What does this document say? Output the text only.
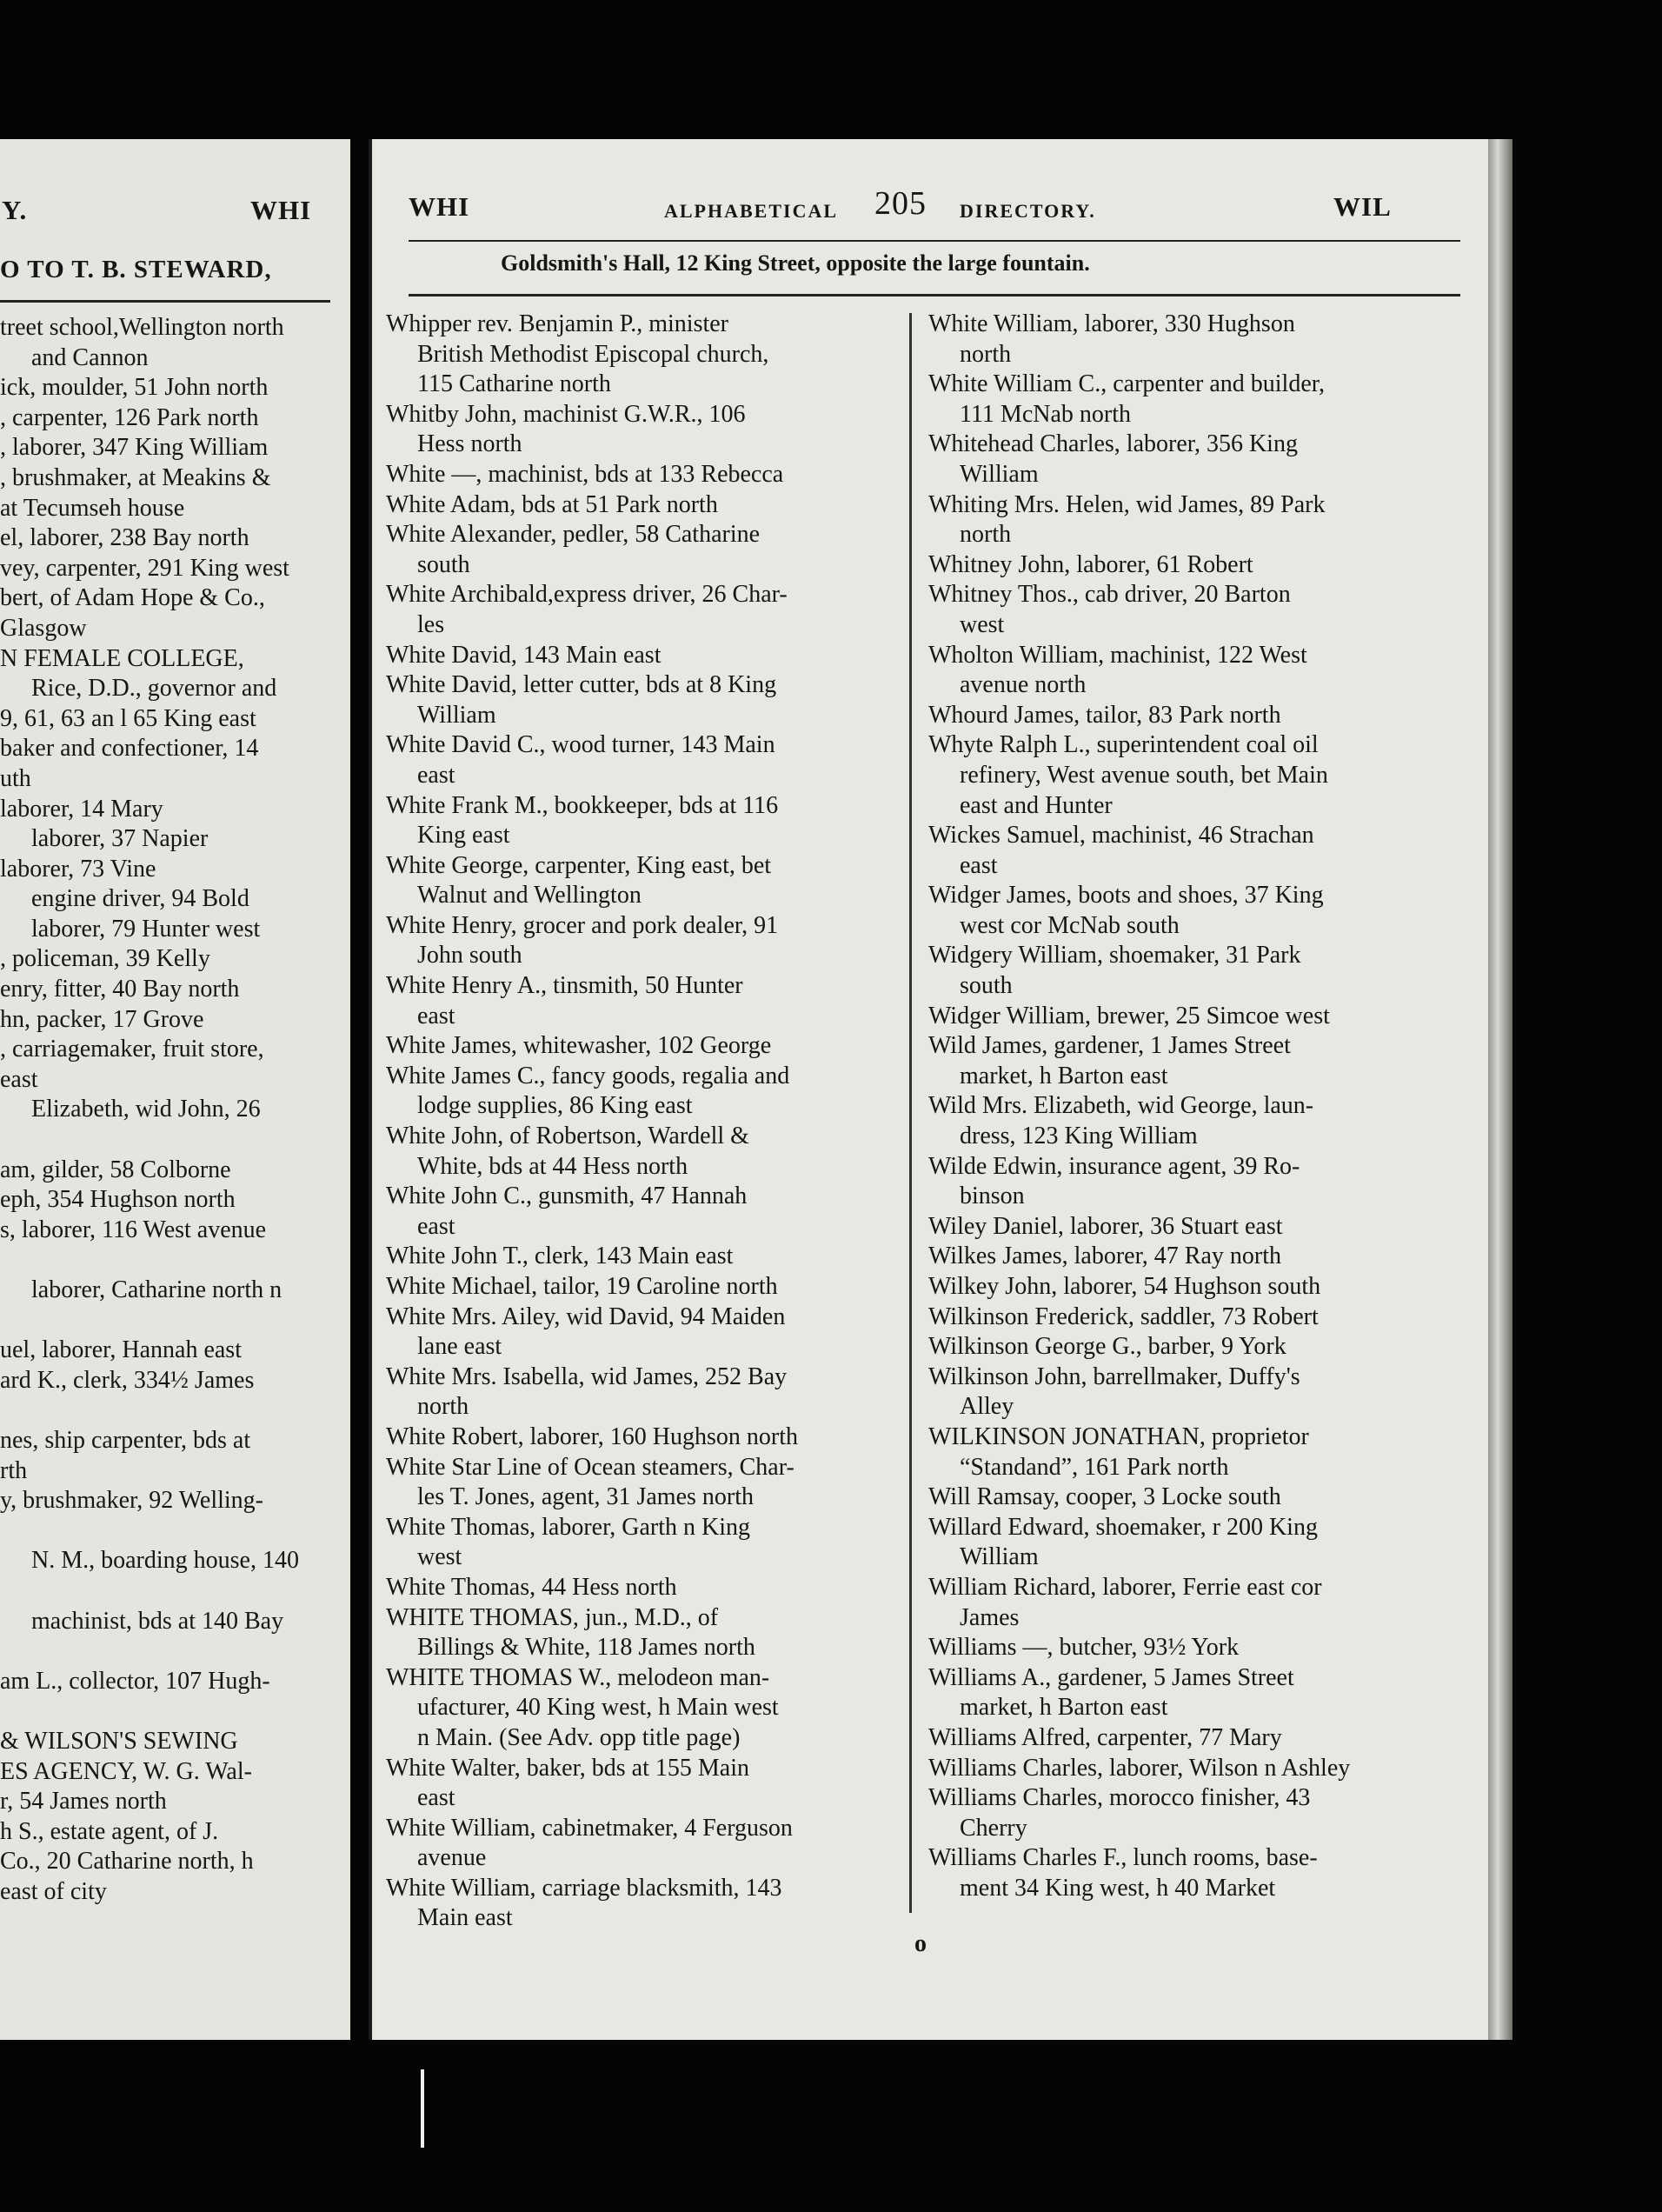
Y.	WHI
O TO T. B. STEWARD,
treet school,Wellington north
and Cannon
ick, moulder, 51 John north
, carpenter, 126 Park north
, laborer, 347 King William
, brushmaker, at Meakins &
at Tecumseh house
el, laborer, 238 Bay north
vey, carpenter, 291 King west
bert, of Adam Hope & Co.,
Glasgow
N FEMALE COLLEGE,
Rice, D.D., governor and
9, 61, 63 an l 65 King east
baker and confectioner, 14
uth
laborer, 14 Mary
laborer, 37 Napier
laborer, 73 Vine
engine driver, 94 Bold
laborer, 79 Hunter west
, policeman, 39 Kelly
enry, fitter, 40 Bay north
hn, packer, 17 Grove
, carriagemaker, fruit store,
east
Elizabeth, wid John, 26
am, gilder, 58 Colborne
eph, 354 Hughson north
s, laborer, 116 West avenue
laborer, Catharine north n
uel, laborer, Hannah east
ard K., clerk, 334½ James
nes, ship carpenter, bds at
rth
y, brushmaker, 92 Welling-
N. M., boarding house, 140
machinist, bds at 140 Bay
am L., collector, 107 Hugh-
& WILSON'S SEWING
ES AGENCY, W. G. Wal-
r, 54 James north
h S., estate agent, of J.
Co., 20 Catharine north, h
east of city
WHI	ALPHABETICAL 205 DIRECTORY.	WIL
Goldsmith's Hall, 12 King Street, opposite the large fountain.
Whipper rev. Benjamin P., minister
British Methodist Episcopal church,
115 Catharine north
Whitby John, machinist G.W.R., 106
Hess north
White —, machinist, bds at 133 Rebecca
White Adam, bds at 51 Park north
White Alexander, pedler, 58 Catharine
south
White Archibald,express driver, 26 Char-
les
White David, 143 Main east
White David, letter cutter, bds at 8 King
William
White David C., wood turner, 143 Main
east
White Frank M., bookkeeper, bds at 116
King east
White George, carpenter, King east, bet
Walnut and Wellington
White Henry, grocer and pork dealer, 91
John south
White Henry A., tinsmith, 50 Hunter
east
White James, whitewasher, 102 George
White James C., fancy goods, regalia and
lodge supplies, 86 King east
White John, of Robertson, Wardell &
White, bds at 44 Hess north
White John C., gunsmith, 47 Hannah
east
White John T., clerk, 143 Main east
White Michael, tailor, 19 Caroline north
White Mrs. Ailey, wid David, 94 Maiden
lane east
White Mrs. Isabella, wid James, 252 Bay
north
White Robert, laborer, 160 Hughson north
White Star Line of Ocean steamers, Char-
les T. Jones, agent, 31 James north
White Thomas, laborer, Garth n King
west
White Thomas, 44 Hess north
WHITE THOMAS, jun., M.D., of
Billings & White, 118 James north
WHITE THOMAS W., melodeon man-
ufacturer, 40 King west, h Main west
n Main. (See Adv. opp title page)
White Walter, baker, bds at 155 Main
east
White William, cabinetmaker, 4 Ferguson
avenue
White William, carriage blacksmith, 143
Main east
White William, laborer, 330 Hughson
north
White William C., carpenter and builder,
111 McNab north
Whitehead Charles, laborer, 356 King
William
Whiting Mrs. Helen, wid James, 89 Park
north
Whitney John, laborer, 61 Robert
Whitney Thos., cab driver, 20 Barton
west
Wholton William, machinist, 122 West
avenue north
Whourd James, tailor, 83 Park north
Whyte Ralph L., superintendent coal oil
refinery, West avenue south, bet Main
east and Hunter
Wickes Samuel, machinist, 46 Strachan
east
Widger James, boots and shoes, 37 King
west cor McNab south
Widgery William, shoemaker, 31 Park
south
Widger William, brewer, 25 Simcoe west
Wild James, gardener, 1 James Street
market, h Barton east
Wild Mrs. Elizabeth, wid George, laun-
dress, 123 King William
Wilde Edwin, insurance agent, 39 Ro-
binson
Wiley Daniel, laborer, 36 Stuart east
Wilkes James, laborer, 47 Ray north
Wilkey John, laborer, 54 Hughson south
Wilkinson Frederick, saddler, 73 Robert
Wilkinson George G., barber, 9 York
Wilkinson John, barrellmaker, Duffy's
Alley
WILKINSON JONATHAN, proprietor
“Standand”, 161 Park north
Will Ramsay, cooper, 3 Locke south
Willard Edward, shoemaker, r 200 King
William
William Richard, laborer, Ferrie east cor
James
Williams —, butcher, 93½ York
Williams A., gardener, 5 James Street
market, h Barton east
Williams Alfred, carpenter, 77 Mary
Williams Charles, laborer, Wilson n Ashley
Williams Charles, morocco finisher, 43
Cherry
Williams Charles F., lunch rooms, base-
ment 34 King west, h 40 Market
o
